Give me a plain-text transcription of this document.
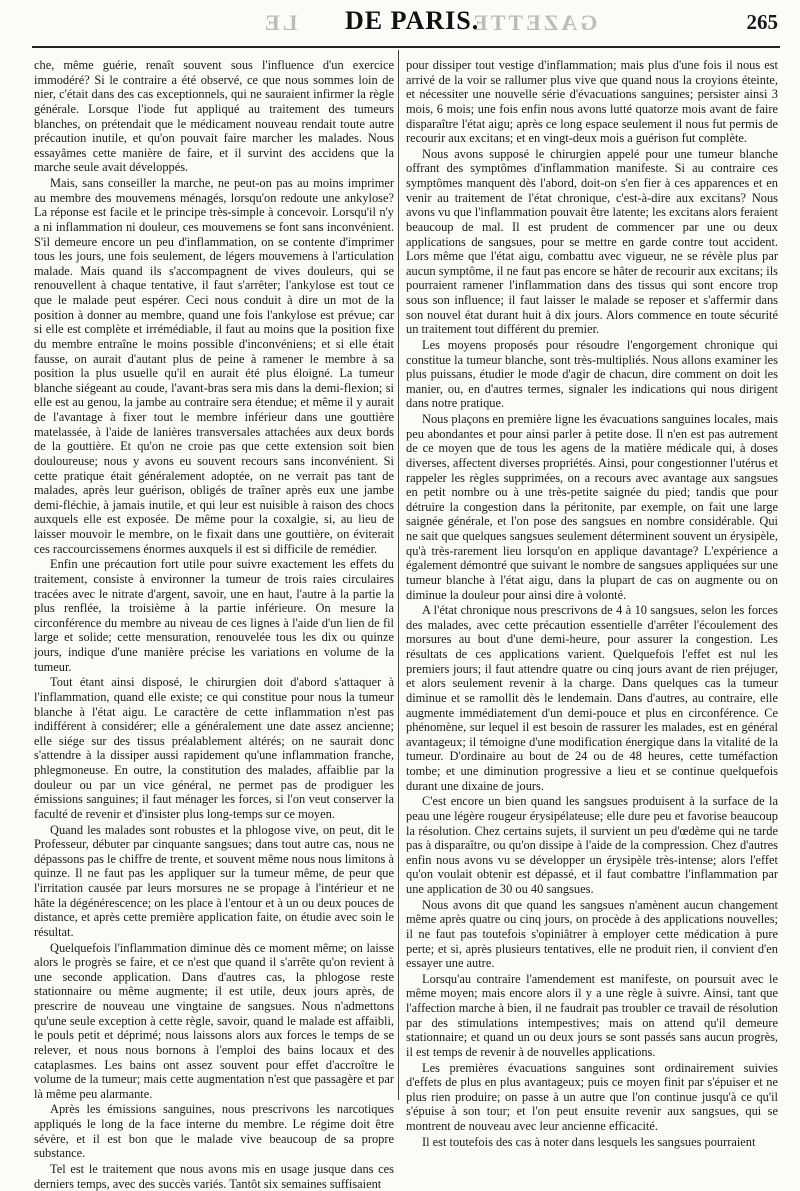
LE	GAZETTE
DE PARIS.	265

che, même guérie, renaît souvent sous l'influence d'un exercice immodéré? Si le contraire a été observé, ce que nous sommes loin de nier, c'était dans des cas exceptionnels, qui ne sauraient infirmer la règle générale. Lorsque l'iode fut appliqué au traitement des tumeurs blanches, on prétendait que le médicament nouveau rendait toute autre précaution inutile, et qu'on pouvait faire marcher les malades. Nous essayâmes cette manière de faire, et il survint des accidens que la marche seule avait développés.

Mais, sans conseiller la marche, ne peut-on pas au moins imprimer au membre des mouvemens ménagés, lorsqu'on redoute une ankylose? La réponse est facile et le principe très-simple à concevoir. Lorsqu'il n'y a ni inflammation ni douleur, ces mouvemens se font sans inconvénient. S'il demeure encore un peu d'inflammation, on se contente d'imprimer tous les jours, une fois seulement, de légers mouvemens à l'articulation malade. Mais quand ils s'accompagnent de vives douleurs, qui se renouvellent à chaque tentative, il faut s'arrêter; l'ankylose est tout ce que le malade peut espérer. Ceci nous conduit à dire un mot de la position à donner au membre, quand une fois l'ankylose est prévue; car si elle est complète et irrémédiable, il faut au moins que la position fixe du membre entraîne le moins possible d'inconvéniens; et si elle était fausse, on aurait d'autant plus de peine à ramener le membre à sa position la plus usuelle qu'il en aurait été plus éloigné. La tumeur blanche siégeant au coude, l'avant-bras sera mis dans la demi-flexion; si elle est au genou, la jambe au contraire sera étendue; et même il y aurait de l'avantage à fixer tout le membre inférieur dans une gouttière matelassée, à l'aide de lanières transversales attachées aux deux bords de la gouttière. Et qu'on ne croie pas que cette extension soit bien douloureuse; nous y avons eu souvent recours sans inconvénient. Si cette pratique était généralement adoptée, on ne verrait pas tant de malades, après leur guérison, obligés de traîner après eux une jambe demi-fléchie, à jamais inutile, et qui leur est nuisible à raison des chocs auxquels elle est exposée. De même pour la coxalgie, si, au lieu de laisser mouvoir le membre, on le fixait dans une gouttière, on éviterait ces raccourcissemens énormes auxquels il est si difficile de remédier.

Enfin une précaution fort utile pour suivre exactement les effets du traitement, consiste à environner la tumeur de trois raies circulaires tracées avec le nitrate d'argent, savoir, une en haut, l'autre à la partie la plus renflée, la troisième à la partie inférieure. On mesure la circonférence du membre au niveau de ces lignes à l'aide d'un lien de fil large et solide; cette mensuration, renouvelée tous les dix ou quinze jours, indique d'une manière précise les variations en volume de la tumeur.

Tout étant ainsi disposé, le chirurgien doit d'abord s'attaquer à l'inflammation, quand elle existe; ce qui constitue pour nous la tumeur blanche à l'état aigu. Le caractère de cette inflammation n'est pas indifférent à considérer; elle a généralement une date assez ancienne; elle siége sur des tissus préalablement altérés; on ne saurait donc s'attendre à la dissiper aussi rapidement qu'une inflammation franche, phlegmoneuse. En outre, la constitution des malades, affaiblie par la douleur ou par un vice général, ne permet pas de prodiguer les émissions sanguines; il faut ménager les forces, si l'on veut conserver la faculté de revenir et d'insister plus long-temps sur ce moyen.

Quand les malades sont robustes et la phlogose vive, on peut, dit le Professeur, débuter par cinquante sangsues; dans tout autre cas, nous ne dépassons pas le chiffre de trente, et souvent même nous nous limitons à quinze. Il ne faut pas les appliquer sur la tumeur même, de peur que l'irritation causée par leurs morsures ne se propage à l'intérieur et ne hâte la dégénérescence; on les place à l'entour et à un ou deux pouces de distance, et après cette première application faite, on étudie avec soin le résultat.

Quelquefois l'inflammation diminue dès ce moment même; on laisse alors le progrès se faire, et ce n'est que quand il s'arrête qu'on revient à une seconde application. Dans d'autres cas, la phlogose reste stationnaire ou même augmente; il est utile, deux jours après, de prescrire de nouveau une vingtaine de sangsues. Nous n'admettons qu'une seule exception à cette règle, savoir, quand le malade est affaibli, le pouls petit et déprimé; nous laissons alors aux forces le temps de se relever, et nous nous bornons à l'emploi des bains locaux et des cataplasmes. Les bains ont assez souvent pour effet d'accroître le volume de la tumeur; mais cette augmentation n'est que passagère et par là même peu alarmante.

Après les émissions sanguines, nous prescrivons les narcotiques appliqués le long de la face interne du membre. Le régime doit être sévère, et il est bon que le malade vive beaucoup de sa propre substance.

Tel est le traitement que nous avons mis en usage jusque dans ces derniers temps, avec des succès variés. Tantôt six semaines suffisaient

pour dissiper tout vestige d'inflammation; mais plus d'une fois il nous est arrivé de la voir se rallumer plus vive que quand nous la croyions éteinte, et nécessiter une nouvelle série d'évacuations sanguines; persister ainsi 3 mois, 6 mois; une fois enfin nous avons lutté quatorze mois avant de faire disparaître l'état aigu; après ce long espace seulement il nous fut permis de recourir aux excitans; et en vingt-deux mois a guérison fut complète.

Nous avons supposé le chirurgien appelé pour une tumeur blanche offrant des symptômes d'inflammation manifeste. Si au contraire ces symptômes manquent dès l'abord, doit-on s'en fier à ces apparences et en venir au traitement de l'état chronique, c'est-à-dire aux excitans? Nous avons vu que l'inflammation pouvait être latente; les excitans alors feraient beaucoup de mal. Il est prudent de commencer par une ou deux applications de sangsues, pour se mettre en garde contre tout accident. Lors même que l'état aigu, combattu avec vigueur, ne se révèle plus par aucun symptôme, il ne faut pas encore se hâter de recourir aux excitans; ils pourraient ramener l'inflammation dans des tissus qui sont encore trop sous son influence; il faut laisser le malade se reposer et s'affermir dans son nouvel état durant huit à dix jours. Alors commence en toute sécurité un traitement tout différent du premier.

Les moyens proposés pour résoudre l'engorgement chronique qui constitue la tumeur blanche, sont très-multipliés. Nous allons examiner les plus puissans, étudier le mode d'agir de chacun, dire comment on doit les manier, ou, en d'autres termes, signaler les indications qui nous dirigent dans notre pratique.

Nous plaçons en première ligne les évacuations sanguines locales, mais peu abondantes et pour ainsi parler à petite dose. Il n'en est pas autrement de ce moyen que de tous les agens de la matière médicale qui, à doses diverses, affectent diverses propriétés. Ainsi, pour congestionner l'utérus et rappeler les règles supprimées, on a recours avec avantage aux sangsues en petit nombre ou à une très-petite saignée du pied; tandis que pour détruire la congestion dans la péritonite, par exemple, on fait une large saignée générale, et l'on pose des sangsues en nombre considérable. Qui ne sait que quelques sangsues seulement déterminent souvent un érysipèle, qu'à très-rarement lieu lorsqu'on en applique davantage? L'expérience a également démontré que suivant le nombre de sangsues appliquées sur une tumeur blanche à l'état aigu, dans la plupart de cas on augmente ou on diminue la douleur pour ainsi dire à volonté.

A l'état chronique nous prescrivons de 4 à 10 sangsues, selon les forces des malades, avec cette précaution essentielle d'arrêter l'écoulement des morsures au bout d'une demi-heure, pour assurer la congestion. Les résultats de ces applications varient. Quelquefois l'effet est nul les premiers jours; il faut attendre quatre ou cinq jours avant de rien préjuger, et alors seulement revenir à la charge. Dans quelques cas la tumeur diminue et se ramollit dès le lendemain. Dans d'autres, au contraire, elle augmente immédiatement d'un demi-pouce et plus en circonférence. Ce phénomène, sur lequel il est besoin de rassurer les malades, est en général avantageux; il témoigne d'une modification énergique dans la vitalité de la tumeur. D'ordinaire au bout de 24 ou de 48 heures, cette tuméfaction tombe; et une diminution progressive a lieu et se continue quelquefois durant une dixaine de jours.

C'est encore un bien quand les sangsues produisent à la surface de la peau une légère rougeur érysipélateuse; elle dure peu et favorise beaucoup la résolution. Chez certains sujets, il survient un peu d'œdème qui ne tarde pas à disparaître, ou qu'on dissipe à l'aide de la compression. Chez d'autres enfin nous avons vu se développer un érysipèle très-intense; alors l'effet qu'on voulait obtenir est dépassé, et il faut combattre l'inflammation par une application de 30 ou 40 sangsues.

Nous avons dit que quand les sangsues n'amènent aucun changement même après quatre ou cinq jours, on procède à des applications nouvelles; il ne faut pas toutefois s'opiniâtrer à employer cette médication à pure perte; et si, après plusieurs tentatives, elle ne produit rien, il convient d'en essayer une autre.

Lorsqu'au contraire l'amendement est manifeste, on poursuit avec le même moyen; mais encore alors il y a une règle à suivre. Ainsi, tant que l'affection marche à bien, il ne faudrait pas troubler ce travail de résolution par des stimulations intempestives; mais on attend qu'il demeure stationnaire; et quand un ou deux jours se sont passés sans aucun progrès, il est temps de revenir à de nouvelles applications.

Les premières évacuations sanguines sont ordinairement suivies d'effets de plus en plus avantageux; puis ce moyen finit par s'épuiser et ne plus rien produire; on passe à un autre que l'on continue jusqu'à ce qu'il s'épuise à son tour; et l'on peut ensuite revenir aux sangsues, qui se montrent de nouveau avec leur ancienne efficacité.

Il est toutefois des cas à noter dans lesquels les sangsues pourraient
